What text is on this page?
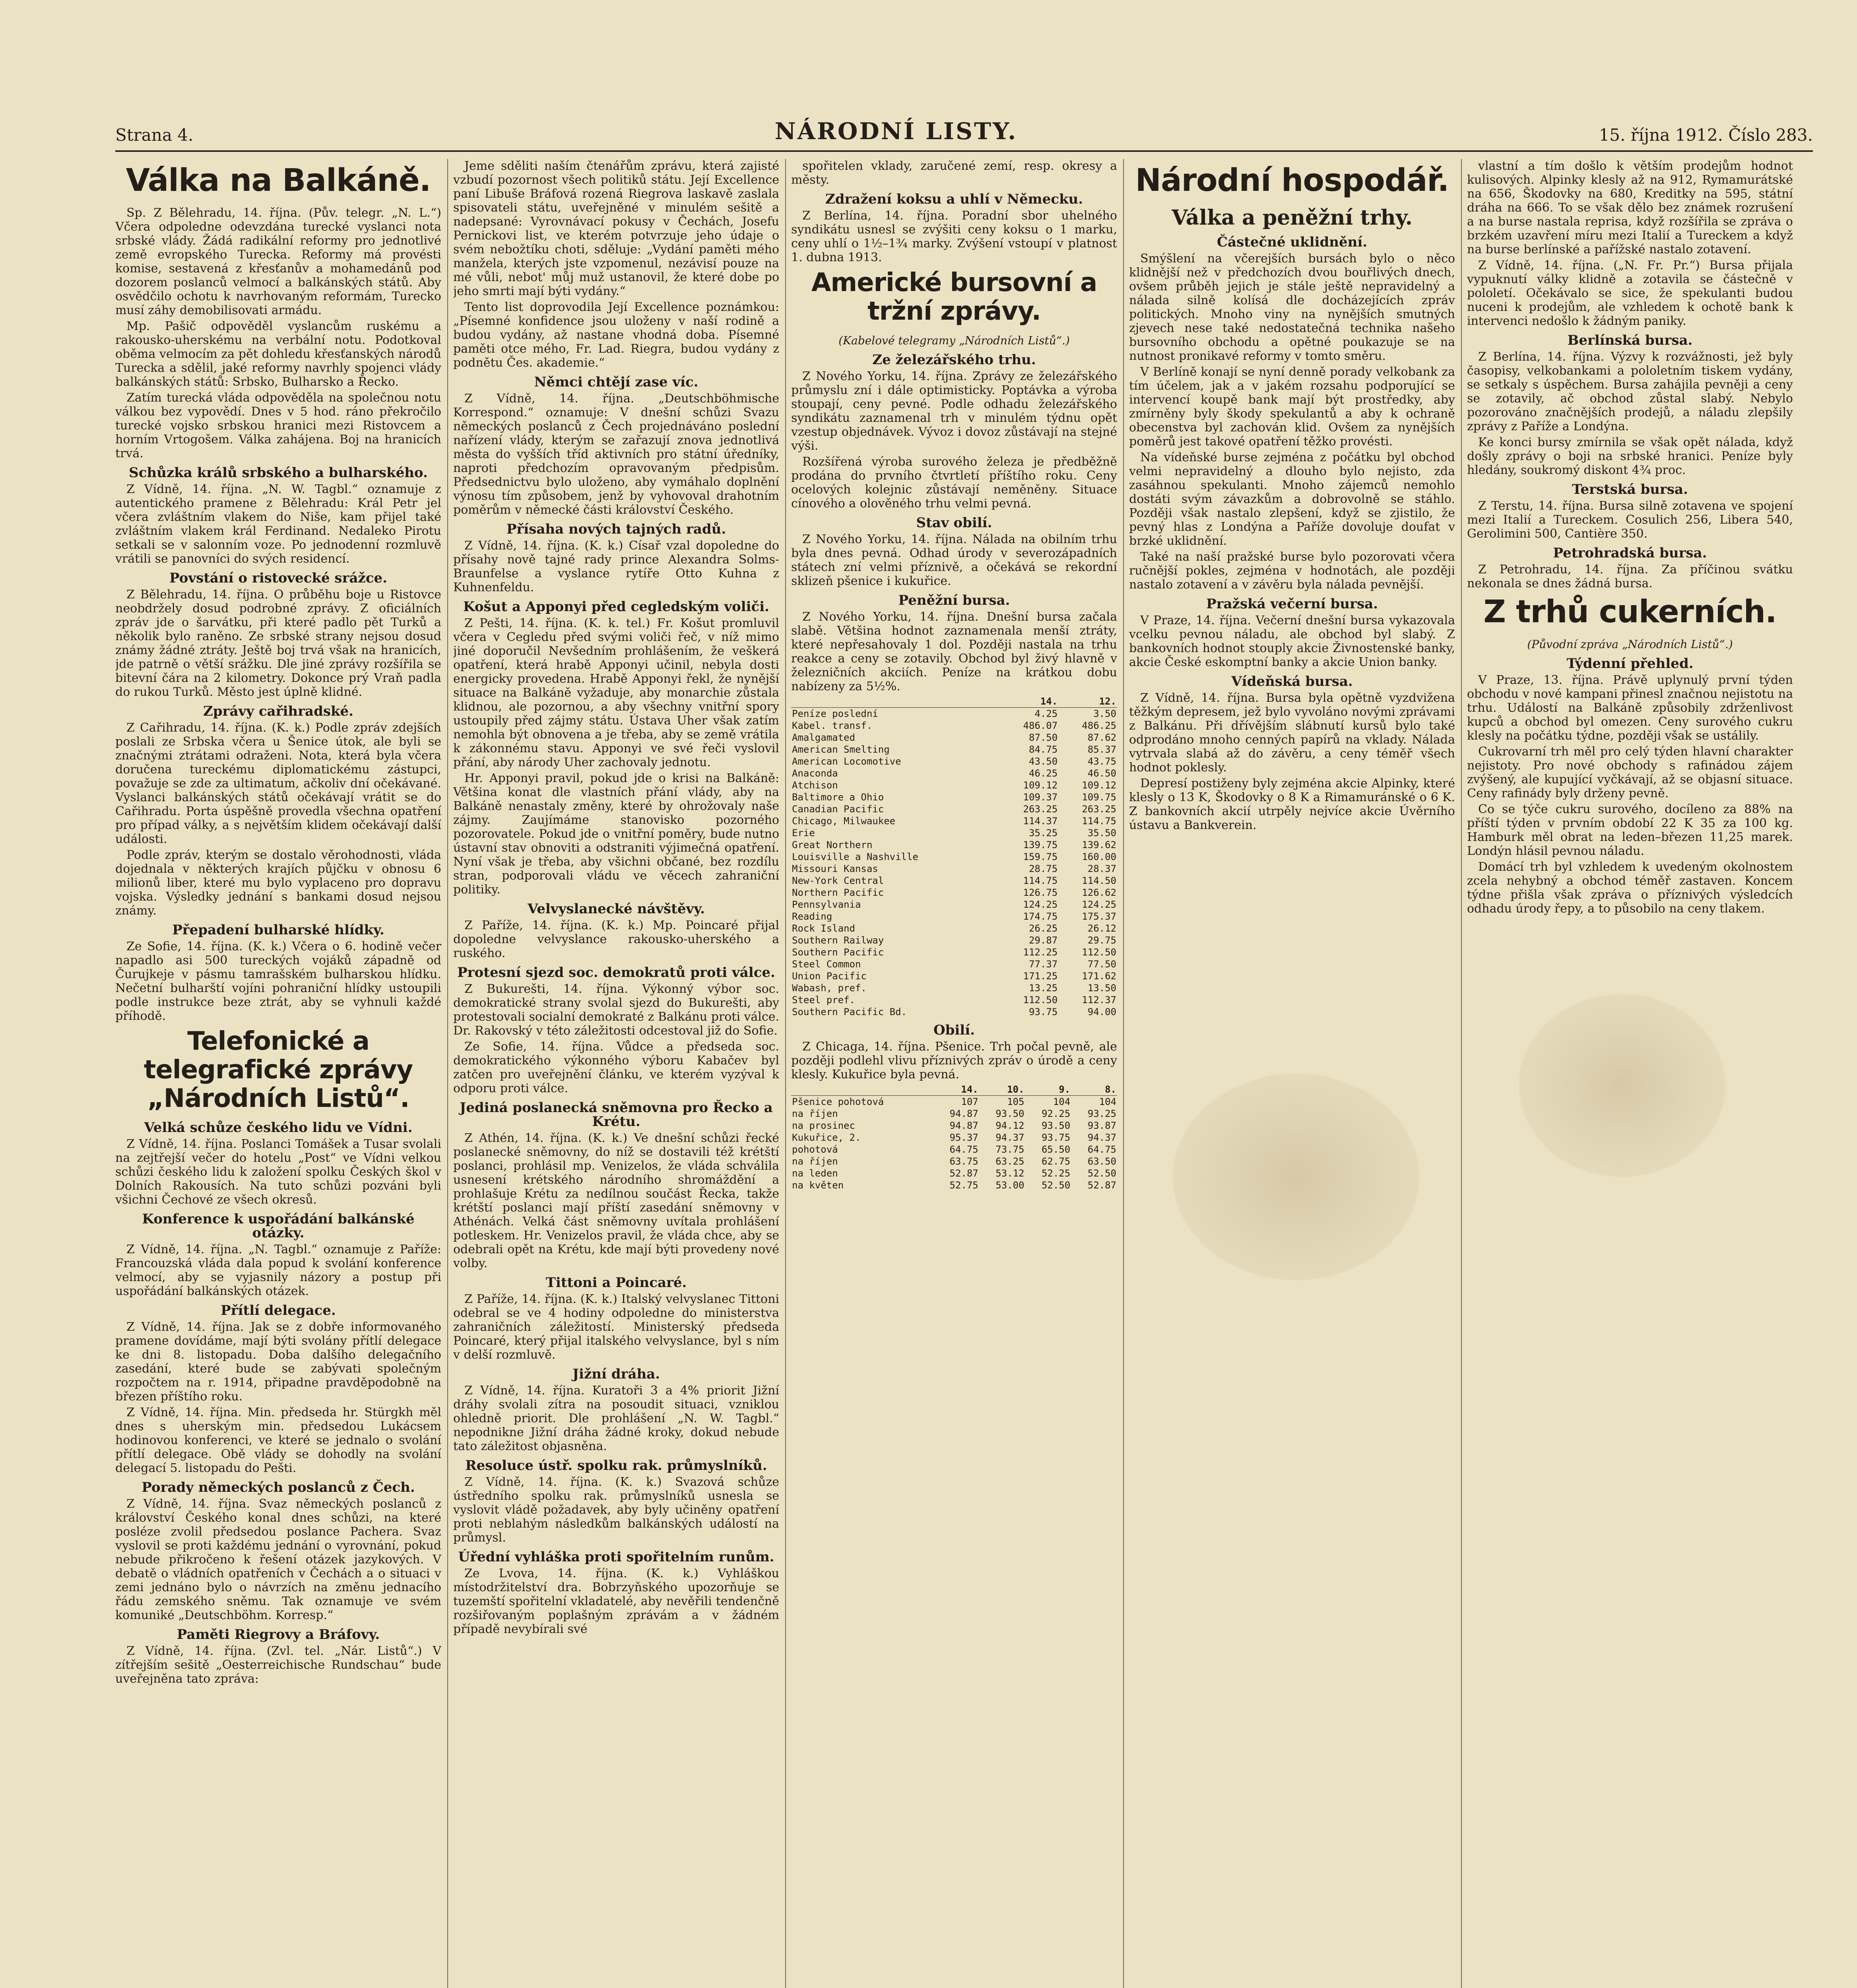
Strana 4.	NÁRODNÍ LISTY.	15. října 1912. Číslo 283.
Válka na Balkáně.

Sp. Z Bělehradu, 14. října. (Pův. telegr. „N. L.“) Včera odpoledne odevzdána turecké vyslanci nota srbské vlády. Žádá radikální reformy pro jednotlivé země evropského Turecka. Reformy má provésti komise, sestavená z křesťanův a mohamedánů pod dozorem poslanců velmocí a balkánských států. Aby osvědčilo ochotu k navrhovaným reformám, Turecko musí záhy demobilisovati armádu.

Mp. Pašič odpověděl vyslancům ruskému a rakousko-uherskému na verbální notu. Podotkoval oběma velmocím za pět dohledu křesťanských národů Turecka a sdělil, jaké reformy navrhly spojenci vlády balkánských států: Srbsko, Bulharsko a Řecko.

Zatím turecká vláda odpověděla na společnou notu válkou bez vypovědí. Dnes v 5 hod. ráno překročilo turecké vojsko srbskou hranici mezi Ristovcem a horním Vrtogošem. Válka zahájena. Boj na hranicích trvá.

Schůzka králů srbského a bulharského.

Z Vídně, 14. října. „N. W. Tagbl.“ oznamuje z autentického pramene z Bělehradu: Král Petr jel včera zvláštním vlakem do Niše, kam přijel také zvláštním vlakem král Ferdinand. Nedaleko Pirotu setkali se v salonním voze. Po jednodenní rozmluvě vrátili se panovníci do svých residencí.

Povstání o ristovecké srážce.

Z Bělehradu, 14. října. O průběhu boje u Ristovce neobdržely dosud podrobné zprávy. Z oficiálních zpráv jde o šarvátku, při které padlo pět Turků a několik bylo raněno. Ze srbské strany nejsou dosud známy žádné ztráty. Ještě boj trvá však na hranicích, jde patrně o větší srážku. Dle jiné zprávy rozšířila se bitevní čára na 2 kilometry. Dokonce prý Vraň padla do rukou Turků. Město jest úplně klidné.

Zprávy cařihradské.

Z Cařihradu, 14. října. (K. k.) Podle zpráv zdejších poslali ze Srbska včera u Šenice útok, ale byli se značnými ztrátami odraženi. Nota, která byla včera doručena tureckému diplomatickému zástupci, považuje se zde za ultimatum, ačkoliv dní očekávané. Vyslanci balkánských států očekávají vrátit se do Cařihradu. Porta úspěšně provedla všechna opatření pro případ války, a s největším klidem očekávají další události.

Podle zpráv, kterým se dostalo věrohodnosti, vláda dojednala v některých krajích půjčku v obnosu 6 milionů liber, které mu bylo vyplaceno pro dopravu vojska. Výsledky jednání s bankami dosud nejsou známy.

Přepadení bulharské hlídky.

Ze Sofie, 14. října. (K. k.) Včera o 6. hodině večer napadlo asi 500 tureckých vojáků západně od Čurujkeje v pásmu tamrašském bulharskou hlídku. Nečetní bulharští vojíni pohraniční hlídky ustoupili podle instrukce beze ztrát, aby se vyhnuli každé příhodě.

Telefonické a telegrafické zprávy „Národních Listů“.
Velká schůze českého lidu ve Vídni.

Z Vídně, 14. října. Poslanci Tomášek a Tusar svolali na zejtřejší večer do hotelu „Post“ ve Vídni velkou schůzi českého lidu k založení spolku Českých škol v Dolních Rakousích. Na tuto schůzi pozváni byli všichni Čechové ze všech okresů.

Konference k uspořádání balkánské otázky.

Z Vídně, 14. října. „N. Tagbl.“ oznamuje z Paříže: Francouzská vláda dala popud k svolání konference velmocí, aby se vyjasnily názory a postup při uspořádání balkánských otázek.

Přítlí delegace.

Z Vídně, 14. října. Jak se z dobře informovaného pramene dovídáme, mají býti svolány přítlí delegace ke dni 8. listopadu. Doba dalšího delegačního zasedání, které bude se zabývati společným rozpočtem na r. 1914, připadne pravděpodobně na březen příštího roku.

Z Vídně, 14. října. Min. předseda hr. Stürgkh měl dnes s uherským min. předsedou Lukácsem hodinovou konferenci, ve které se jednalo o svolání přítlí delegace. Obě vlády se dohodly na svolání delegací 5. listopadu do Pešti.

Porady německých poslanců z Čech.

Z Vídně, 14. října. Svaz německých poslanců z království Českého konal dnes schůzi, na které posléze zvolil předsedou poslance Pachera. Svaz vyslovil se proti každému jednání o vyrovnání, pokud nebude přikročeno k řešení otázek jazykových. V debatě o vládních opatřeních v Čechách a o situaci v zemi jednáno bylo o návrzích na změnu jednacího řádu zemského sněmu. Tak oznamuje ve svém komuniké „Deutschböhm. Korresp.“

Paměti Riegrovy a Bráfovy.

Z Vídně, 14. října. (Zvl. tel. „Nár. Listů“.) V zítřejším sešitě „Oesterreichische Rundschau“ bude uveřejněna tato zpráva:

Jeme sděliti naším čtenářům zprávu, která zajisté vzbudí pozornost všech politiků státu. Její Excellence paní Libuše Bráfová rozená Riegrova laskavě zaslala spisovateli státu, uveřejněné v minulém sešitě a nadepsané: Vyrovnávací pokusy v Čechách, Josefu Pernickovi list, ve kterém potvrzuje jeho údaje o svém nebožtíku choti, sděluje: „Vydání paměti mého manžela, kterých jste vzpomenul, nezávisí pouze na mé vůli, nebot' můj muž ustanovil, že které dobe po jeho smrti mají býti vydány.“

Tento list doprovodila Její Excellence poznámkou: „Písemné konfidence jsou uloženy v naší rodině a budou vydány, až nastane vhodná doba. Písemné paměti otce mého, Fr. Lad. Riegra, budou vydány z podnětu Čes. akademie.“

Němci chtějí zase víc.

Z Vídně, 14. října. „Deutschböhmische Korrespond.“ oznamuje: V dnešní schůzi Svazu německých poslanců z Čech projednáváno poslední nařízení vlády, kterým se zařazují znova jednotlivá města do vyšších tříd aktivních pro státní úředníky, naproti předchozím opravovaným předpisům. Předsednictvu bylo uloženo, aby vymáhalo doplnění výnosu tím způsobem, jenž by vyhovoval drahotním poměrům v německé části království Českého.

Přísaha nových tajných radů.

Z Vídně, 14. října. (K. k.) Císař vzal dopoledne do přísahy nově tajné rady prince Alexandra Solms-Braunfelse a vyslance rytíře Otto Kuhna z Kuhnenfeldu.

Košut a Apponyi před cegledským voliči.

Z Pešti, 14. října. (K. k. tel.) Fr. Košut promluvil včera v Cegledu před svými voliči řeč, v níž mimo jiné doporučil Nevšedním prohlášením, že veškerá opatření, která hrabě Apponyi učinil, nebyla dosti energicky provedena. Hrabě Apponyi řekl, že nynější situace na Balkáně vyžaduje, aby monarchie zůstala klidnou, ale pozornou, a aby všechny vnitřní spory ustoupily před zájmy státu. Ústava Uher však zatím nemohla být obnovena a je třeba, aby se země vrátila k zákonnému stavu. Apponyi ve své řeči vyslovil přání, aby národy Uher zachovaly jednotu.

Hr. Apponyi pravil, pokud jde o krisi na Balkáně: Většina konat dle vlastních přání vlády, aby na Balkáně nenastaly změny, které by ohrožovaly naše zájmy. Zaujímáme stanovisko pozorného pozorovatele. Pokud jde o vnitřní poměry, bude nutno ústavní stav obnoviti a odstraniti výjimečná opatření. Nyní však je třeba, aby všichni občané, bez rozdílu stran, podporovali vládu ve věcech zahraniční politiky.

Velvyslanecké návštěvy.

Z Paříže, 14. října. (K. k.) Mp. Poincaré přijal dopoledne velvyslance rakousko-uherského a ruského.

Protesní sjezd soc. demokratů proti válce.

Z Bukurešti, 14. října. Výkonný výbor soc. demokratické strany svolal sjezd do Bukurešti, aby protestovali socialní demokraté z Balkánu proti válce. Dr. Rakovský v této záležitosti odcestoval již do Sofie.

Ze Sofie, 14. října. Vůdce a předseda soc. demokratického výkonného výboru Kabačev byl zatčen pro uveřejnění článku, ve kterém vyzýval k odporu proti válce.

Jediná poslanecká sněmovna pro Řecko a Krétu.

Z Athén, 14. října. (K. k.) Ve dnešní schůzi řecké poslanecké sněmovny, do níž se dostavili též krétští poslanci, prohlásil mp. Venizelos, že vláda schválila usnesení krétského národního shromáždění a prohlašuje Krétu za nedílnou součást Řecka, takže krétští poslanci mají příští zasedání sněmovny v Athénách. Velká část sněmovny uvítala prohlášení potleskem. Hr. Venizelos pravil, že vláda chce, aby se odebrali opět na Krétu, kde mají býti provedeny nové volby.

Tittoni a Poincaré.

Z Paříže, 14. října. (K. k.) Italský velvyslanec Tittoni odebral se ve 4 hodiny odpoledne do ministerstva zahraničních záležitostí. Ministerský předseda Poincaré, který přijal italského velvyslance, byl s ním v delší rozmluvě.

Jižní dráha.

Z Vídně, 14. října. Kuratoři 3 a 4% priorit Jižní dráhy svolali zítra na posoudit situaci, vzniklou ohledně priorit. Dle prohlášení „N. W. Tagbl.“ nepodnikne Jižní dráha žádné kroky, dokud nebude tato záležitost objasněna.

Resoluce ústř. spolku rak. průmyslníků.

Z Vídně, 14. října. (K. k.) Svazová schůze ústředního spolku rak. průmyslníků usnesla se vyslovit vládě požadavek, aby byly učiněny opatření proti neblahým následkům balkánských událostí na průmysl.

Úřední vyhláška proti spořitelním runům.

Ze Lvova, 14. října. (K. k.) Vyhláškou místodržitelství dra. Bobrzyňského upozorňuje se tuzemští spořitelní vkladatelé, aby nevěřili tendenčně rozšiřovaným poplašným zprávám a v žádném případě nevybírali své

spořitelen vklady, zaručené zemí, resp. okresy a městy.

Zdražení koksu a uhlí v Německu.

Z Berlína, 14. října. Poradní sbor uhelného syndikátu usnesl se zvýšiti ceny koksu o 1 marku, ceny uhlí o 1½–1¾ marky. Zvýšení vstoupí v platnost 1. dubna 1913.

Americké bursovní a tržní zprávy.
(Kabelové telegramy „Národních Listů“.)
Ze železářského trhu.

Z Nového Yorku, 14. října. Zprávy ze železářského průmyslu zní i dále optimisticky. Poptávka a výroba stoupají, ceny pevné. Podle odhadu železářského syndikátu zaznamenal trh v minulém týdnu opět vzestup objednávek. Vývoz i dovoz zůstávají na stejné výši.

Rozšířená výroba surového železa je předběžně prodána do prvního čtvrtletí příštího roku. Ceny ocelových kolejnic zůstávají neměněny. Situace cínového a olověného trhu velmi pevná.

Stav obilí.

Z Nového Yorku, 14. října. Nálada na obilním trhu byla dnes pevná. Odhad úrody v severozápadních státech zní velmi příznivě, a očekává se rekordní sklizeň pšenice i kukuřice.

Peněžní bursa.

Z Nového Yorku, 14. října. Dnešní bursa začala slabě. Většina hodnot zaznamenala menší ztráty, které nepřesahovaly 1 dol. Později nastala na trhu reakce a ceny se zotavily. Obchod byl živý hlavně v železničních akciích. Peníze na krátkou dobu nabízeny za 5½%.

	14.	12.
Peníze poslední	4.25	3.50
Kabel. transf.	486.07	486.25
Amalgamated	87.50	87.62
American Smelting	84.75	85.37
American Locomotive	43.50	43.75
Anaconda	46.25	46.50
Atchison	109.12	109.12
Baltimore a Ohio	109.37	109.75
Canadian Pacific	263.25	263.25
Chicago, Milwaukee	114.37	114.75
Erie	35.25	35.50
Great Northern	139.75	139.62
Louisville a Nashville	159.75	160.00
Missouri Kansas	28.75	28.37
New-York Central	114.75	114.50
Northern Pacific	126.75	126.62
Pennsylvania	124.25	124.25
Reading	174.75	175.37
Rock Island	26.25	26.12
Southern Railway	29.87	29.75
Southern Pacific	112.25	112.50
Steel Common	77.37	77.50
Union Pacific	171.25	171.62
Wabash, pref.	13.25	13.50
Steel pref.	112.50	112.37
Southern Pacific Bd.	93.75	94.00
Obilí.

Z Chicaga, 14. října. Pšenice. Trh počal pevně, ale později podlehl vlivu příznivých zpráv o úrodě a ceny klesly. Kukuřice byla pevná.

	14.	10.	9.	8.
Pšenice pohotová	107	105	104	104
na říjen	94.87	93.50	92.25	93.25
na prosinec	94.87	94.12	93.50	93.87
Kukuřice, 2.	95.37	94.37	93.75	94.37
pohotová	64.75	73.75	65.50	64.75
na říjen	63.75	63.25	62.75	63.50
na leden	52.87	53.12	52.25	52.50
na květen	52.75	53.00	52.50	52.87
Národní hospodář.
Válka a peněžní trhy.
Částečné uklidnění.

Smýšlení na včerejších bursách bylo o něco klidnější než v předchozích dvou bouřlivých dnech, ovšem průběh jejich je stále ještě nepravidelný a nálada silně kolísá dle docházejících zpráv politických. Mnoho viny na nynějších smutných zjevech nese také nedostatečná technika našeho bursovního obchodu a opětné poukazuje se na nutnost pronikavé reformy v tomto směru.

V Berlíně konají se nyní denně porady velkobank za tím účelem, jak a v jakém rozsahu podporující se intervencí koupě bank mají být prostředky, aby zmírněny byly škody spekulantů a aby k ochraně obecenstva byl zachován klid. Ovšem za nynějších poměrů jest takové opatření těžko provésti.

Na vídeňské burse zejména z počátku byl obchod velmi nepravidelný a dlouho bylo nejisto, zda zasáhnou spekulanti. Mnoho zájemců nemohlo dostáti svým závazkům a dobrovolně se stáhlo. Později však nastalo zlepšení, když se zjistilo, že pevný hlas z Londýna a Paříže dovoluje doufat v brzké uklidnění.

Také na naší pražské burse bylo pozorovati včera ručnější pokles, zejména v hodnotách, ale později nastalo zotavení a v závěru byla nálada pevnější.

Pražská večerní bursa.

V Praze, 14. října. Večerní dnešní bursa vykazovala vcelku pevnou náladu, ale obchod byl slabý. Z bankovních hodnot stouply akcie Živnostenské banky, akcie České eskomptní banky a akcie Union banky.

Vídeňská bursa.

Z Vídně, 14. října. Bursa byla opětně vyzdvižena těžkým depresem, jež bylo vyvoláno novými zprávami z Balkánu. Při dřívějším slábnutí kursů bylo také odprodáno mnoho cenných papírů na vklady. Nálada vytrvala slabá až do závěru, a ceny téměř všech hodnot poklesly.

Depresí postiženy byly zejména akcie Alpinky, které klesly o 13 K, Škodovky o 8 K a Rimamuránské o 6 K. Z bankovních akcií utrpěly nejvíce akcie Úvěrního ústavu a Bankverein.

vlastní a tím došlo k větším prodejům hodnot kulisových. Alpinky klesly až na 912, Rymamurátské na 656, Škodovky na 680, Kreditky na 595, státní dráha na 666. To se však dělo bez známek rozrušení a na burse nastala reprisa, když rozšířila se zpráva o brzkém uzavření míru mezi Italií a Tureckem a když na burse berlínské a pařížské nastalo zotavení.

Z Vídně, 14. října. („N. Fr. Pr.“) Bursa přijala vypuknutí války klidně a zotavila se částečně v pololetí. Očekávalo se sice, že spekulanti budou nuceni k prodejům, ale vzhledem k ochotě bank k intervenci nedošlo k žádným paniky.

Berlínská bursa.

Z Berlína, 14. října. Výzvy k rozvážnosti, jež byly časopisy, velkobankami a pololetním tiskem vydány, se setkaly s úspěchem. Bursa zahájila pevněji a ceny se zotavily, ač obchod zůstal slabý. Nebylo pozorováno značnějších prodejů, a náladu zlepšily zprávy z Paříže a Londýna.

Ke konci bursy zmírnila se však opět nálada, když došly zprávy o boji na srbské hranici. Peníze byly hledány, soukromý diskont 4¾ proc.

Terstská bursa.

Z Terstu, 14. října. Bursa silně zotavena ve spojení mezi Italií a Tureckem. Cosulich 256, Libera 540, Gerolimini 500, Cantière 350.

Petrohradská bursa.

Z Petrohradu, 14. října. Za příčinou svátku nekonala se dnes žádná bursa.

Z trhů cukerních.
(Původní zpráva „Národních Listů“.)
Týdenní přehled.

V Praze, 13. října. Právě uplynulý první týden obchodu v nové kampani přinesl značnou nejistotu na trhu. Událostí na Balkáně způsobily zdrženlivost kupců a obchod byl omezen. Ceny surového cukru klesly na počátku týdne, později však se ustálily.

Cukrovarní trh měl pro celý týden hlavní charakter nejistoty. Pro nové obchody s rafinádou zájem zvýšený, ale kupující vyčkávají, až se objasní situace. Ceny rafinády byly drženy pevně.

Co se týče cukru surového, docíleno za 88% na příští týden v prvním období 22 K 35 za 100 kg. Hamburk měl obrat na leden–březen 11,25 marek. Londýn hlásil pevnou náladu.

Domácí trh byl vzhledem k uvedeným okolnostem zcela nehybný a obchod téměř zastaven. Koncem týdne přišla však zpráva o příznivých výsledcích odhadu úrody řepy, a to působilo na ceny tlakem.
